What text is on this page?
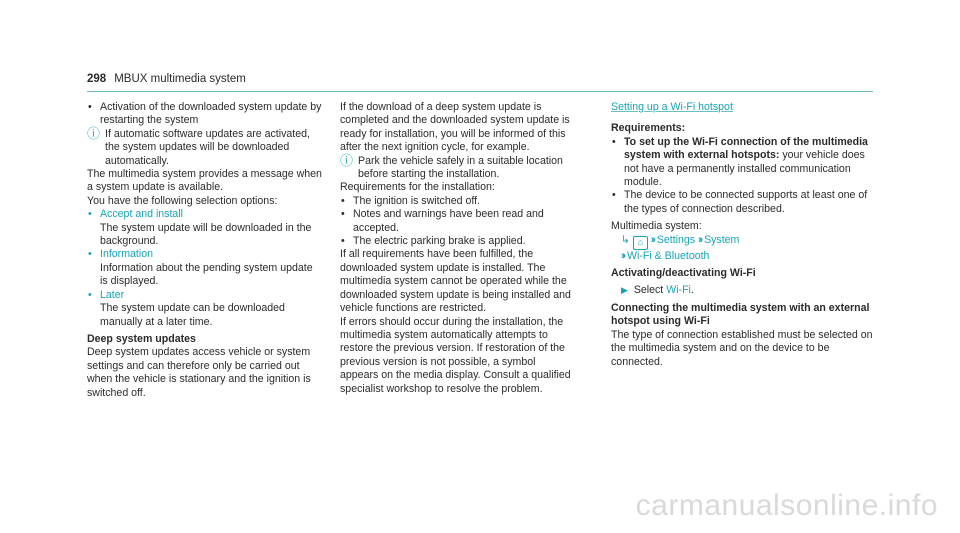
298 MBUX multimedia system

• Activation of the downloaded system update by restarting the system

ⓘ If automatic software updates are activated, the system updates will be downloaded automatically.

The multimedia system provides a message when a system update is available.

You have the following selection options:

• Accept and install

The system update will be downloaded in the background.

• Information

Information about the pending system update is displayed.

• Later

The system update can be downloaded manually at a later time.

Deep system updates

Deep system updates access vehicle or system settings and can therefore only be carried out when the vehicle is stationary and the ignition is switched off.

If the download of a deep system update is completed and the downloaded system update is ready for installation, you will be informed of this after the next ignition cycle, for example.

ⓘ Park the vehicle safely in a suitable location before starting the installation.

Requirements for the installation:

• The ignition is switched off.

• Notes and warnings have been read and accepted.

• The electric parking brake is applied.

If all requirements have been fulfilled, the downloaded system update is installed. The multimedia system cannot be operated while the downloaded system update is being installed and vehicle functions are restricted.

If errors should occur during the installation, the multimedia system automatically attempts to restore the previous version. If restoration of the previous version is not possible, a symbol appears on the media display. Consult a qualified specialist workshop to resolve the problem.

Setting up a Wi-Fi hotspot

Requirements:

• To set up the Wi-Fi connection of the multimedia system with external hotspots: your vehicle does not have a permanently installed communication module.

• The device to be connected supports at least one of the types of connection described.

Multimedia system:

↳ ⌂ ›› Settings ›› System

›› Wi-Fi & Bluetooth

Activating/deactivating Wi-Fi

▶ Select Wi-Fi.

Connecting the multimedia system with an external hotspot using Wi-Fi

The type of connection established must be selected on the multimedia system and on the device to be connected.

carmanualsonline.info
